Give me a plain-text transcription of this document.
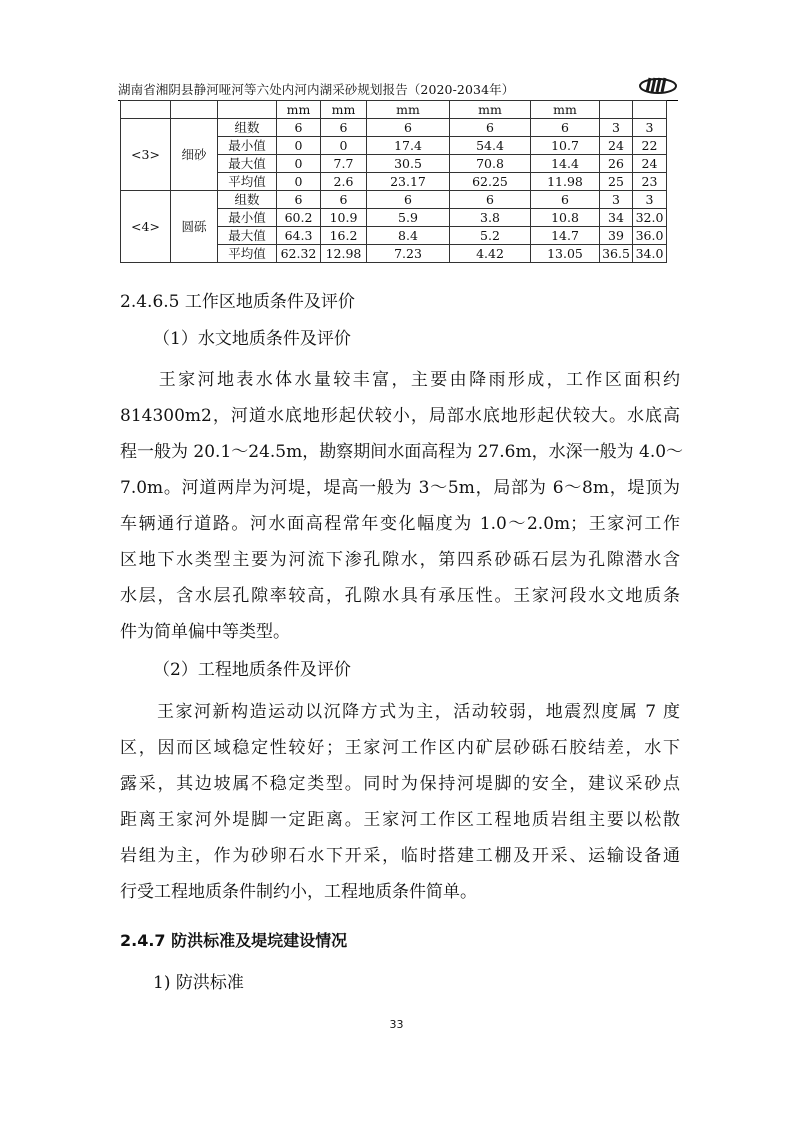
湖南省湘阴县静河哑河等六处内河内湖采砂规划报告（2020-2034年）
			mm	mm	mm	mm	mm		
<3>	细砂	组数	6	6	6	6	6	3	3
		最小值	0	0	17.4	54.4	10.7	24	22
		最大值	0	7.7	30.5	70.8	14.4	26	24
		平均值	0	2.6	23.17	62.25	11.98	25	23
<4>	圆砾	组数	6	6	6	6	6	3	3
		最小值	60.2	10.9	5.9	3.8	10.8	34	32.0
		最大值	64.3	16.2	8.4	5.2	14.7	39	36.0
		平均值	62.32	12.98	7.23	4.42	13.05	36.5	34.0
2.4.6.5 工作区地质条件及评价
（1）水文地质条件及评价
　　王家河地表水体水量较丰富，主要由降雨形成，工作区面积约
814300m2，河道水底地形起伏较小，局部水底地形起伏较大。水底高
程一般为 20.1～24.5m，勘察期间水面高程为 27.6m，水深一般为 4.0～
7.0m。河道两岸为河堤，堤高一般为 3～5m，局部为 6～8m，堤顶为
车辆通行道路。河水面高程常年变化幅度为 1.0～2.0m；王家河工作
区地下水类型主要为河流下渗孔隙水，第四系砂砾石层为孔隙潜水含
水层，含水层孔隙率较高，孔隙水具有承压性。王家河段水文地质条
件为简单偏中等类型。
（2）工程地质条件及评价
　　王家河新构造运动以沉降方式为主，活动较弱，地震烈度属 7 度
区，因而区域稳定性较好；王家河工作区内矿层砂砾石胶结差，水下
露采，其边坡属不稳定类型。同时为保持河堤脚的安全，建议采砂点
距离王家河外堤脚一定距离。王家河工作区工程地质岩组主要以松散
岩组为主，作为砂卵石水下开采，临时搭建工棚及开采、运输设备通
行受工程地质条件制约小，工程地质条件简单。
2.4.7 防洪标准及堤垸建设情况
1) 防洪标准
33
